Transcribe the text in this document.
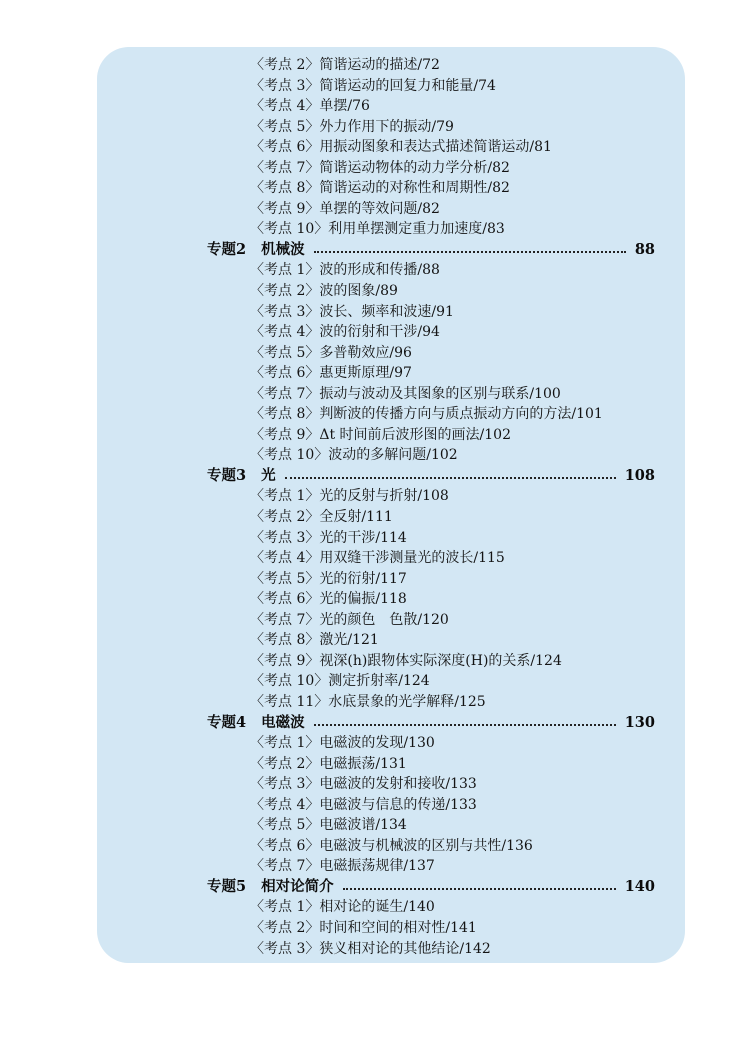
〈考点 2〉简谐运动的描述/72
〈考点 3〉简谐运动的回复力和能量/74
〈考点 4〉单摆/76
〈考点 5〉外力作用下的振动/79
〈考点 6〉用振动图象和表达式描述简谐运动/81
〈考点 7〉简谐运动物体的动力学分析/82
〈考点 8〉简谐运动的对称性和周期性/82
〈考点 9〉单摆的等效问题/82
〈考点 10〉利用单摆测定重力加速度/83
专题2 机械波	88
〈考点 1〉波的形成和传播/88
〈考点 2〉波的图象/89
〈考点 3〉波长、频率和波速/91
〈考点 4〉波的衍射和干涉/94
〈考点 5〉多普勒效应/96
〈考点 6〉惠更斯原理/97
〈考点 7〉振动与波动及其图象的区别与联系/100
〈考点 8〉判断波的传播方向与质点振动方向的方法/101
〈考点 9〉Δt 时间前后波形图的画法/102
〈考点 10〉波动的多解问题/102
专题3 光	108
〈考点 1〉光的反射与折射/108
〈考点 2〉全反射/111
〈考点 3〉光的干涉/114
〈考点 4〉用双缝干涉测量光的波长/115
〈考点 5〉光的衍射/117
〈考点 6〉光的偏振/118
〈考点 7〉光的颜色　色散/120
〈考点 8〉激光/121
〈考点 9〉视深(h)跟物体实际深度(H)的关系/124
〈考点 10〉测定折射率/124
〈考点 11〉水底景象的光学解释/125
专题4 电磁波	130
〈考点 1〉电磁波的发现/130
〈考点 2〉电磁振荡/131
〈考点 3〉电磁波的发射和接收/133
〈考点 4〉电磁波与信息的传递/133
〈考点 5〉电磁波谱/134
〈考点 6〉电磁波与机械波的区别与共性/136
〈考点 7〉电磁振荡规律/137
专题5 相对论简介	140
〈考点 1〉相对论的诞生/140
〈考点 2〉时间和空间的相对性/141
〈考点 3〉狭义相对论的其他结论/142
